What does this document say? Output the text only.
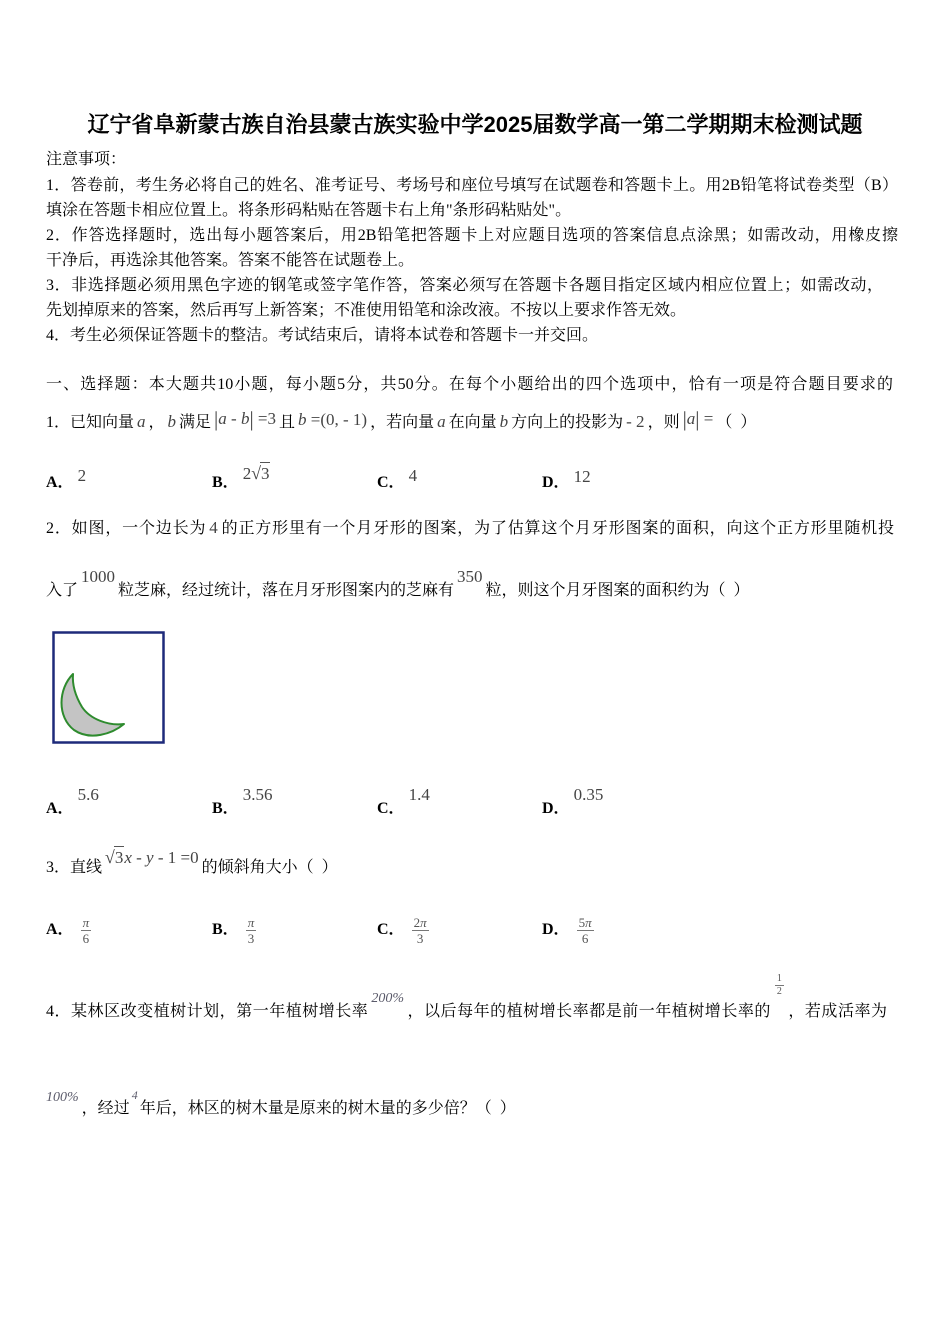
辽宁省阜新蒙古族自治县蒙古族实验中学2025届数学高一第二学期期末检测试题
注意事项：
1．答卷前，考生务必将自己的姓名、准考证号、考场号和座位号填写在试题卷和答题卡上。用2B铅笔将试卷类型（B）
填涂在答题卡相应位置上。将条形码粘贴在答题卡右上角"条形码粘贴处"。
2．作答选择题时，选出每小题答案后，用2B铅笔把答题卡上对应题目选项的答案信息点涂黑；如需改动，用橡皮擦
干净后，再选涂其他答案。答案不能答在试题卷上。
3．非选择题必须用黑色字迹的钢笔或签字笔作答，答案必须写在答题卡各题目指定区域内相应位置上；如需改动，
先划掉原来的答案，然后再写上新答案；不准使用铅笔和涂改液。不按以上要求作答无效。
4．考生必须保证答题卡的整洁。考试结束后，请将本试卷和答题卡一并交回。
一、选择题：本大题共10小题，每小题5分，共50分。在每个小题给出的四个选项中，恰有一项是符合题目要求的
1．已知向量 a ， b 满足 |a - b| =3 且 b =(0, - 1) ，若向量 a 在向量 b 方向上的投影为 - 2 ，则 |a| = （  ）
A． 2	B． 2√3	C． 4	D． 12
2．如图，一个边长为 4 的正方形里有一个月牙形的图案，为了估算这个月牙形图案的面积，向这个正方形里随机投
入了1000粒芝麻，经过统计，落在月牙形图案内的芝麻有350粒，则这个月牙图案的面积约为（  ）
A．5.6
B．3.56
C．1.4
D．0.35
3．直线√3x - y - 1 =0的倾斜角大小（  ）
A． $\frac{\pi}{6}$	B． $\frac{\pi}{3}$	C． $\frac{2\pi}{3}$	D． $\frac{5\pi}{6}$
4．某林区改变植树计划，第一年植树增长率200%，以后每年的植树增长率都是前一年植树增长率的
$\frac{1}{2}$
，若成活率为
100%，经过$^4$年后，林区的树木量是原来的树木量的多少倍？（  ）
